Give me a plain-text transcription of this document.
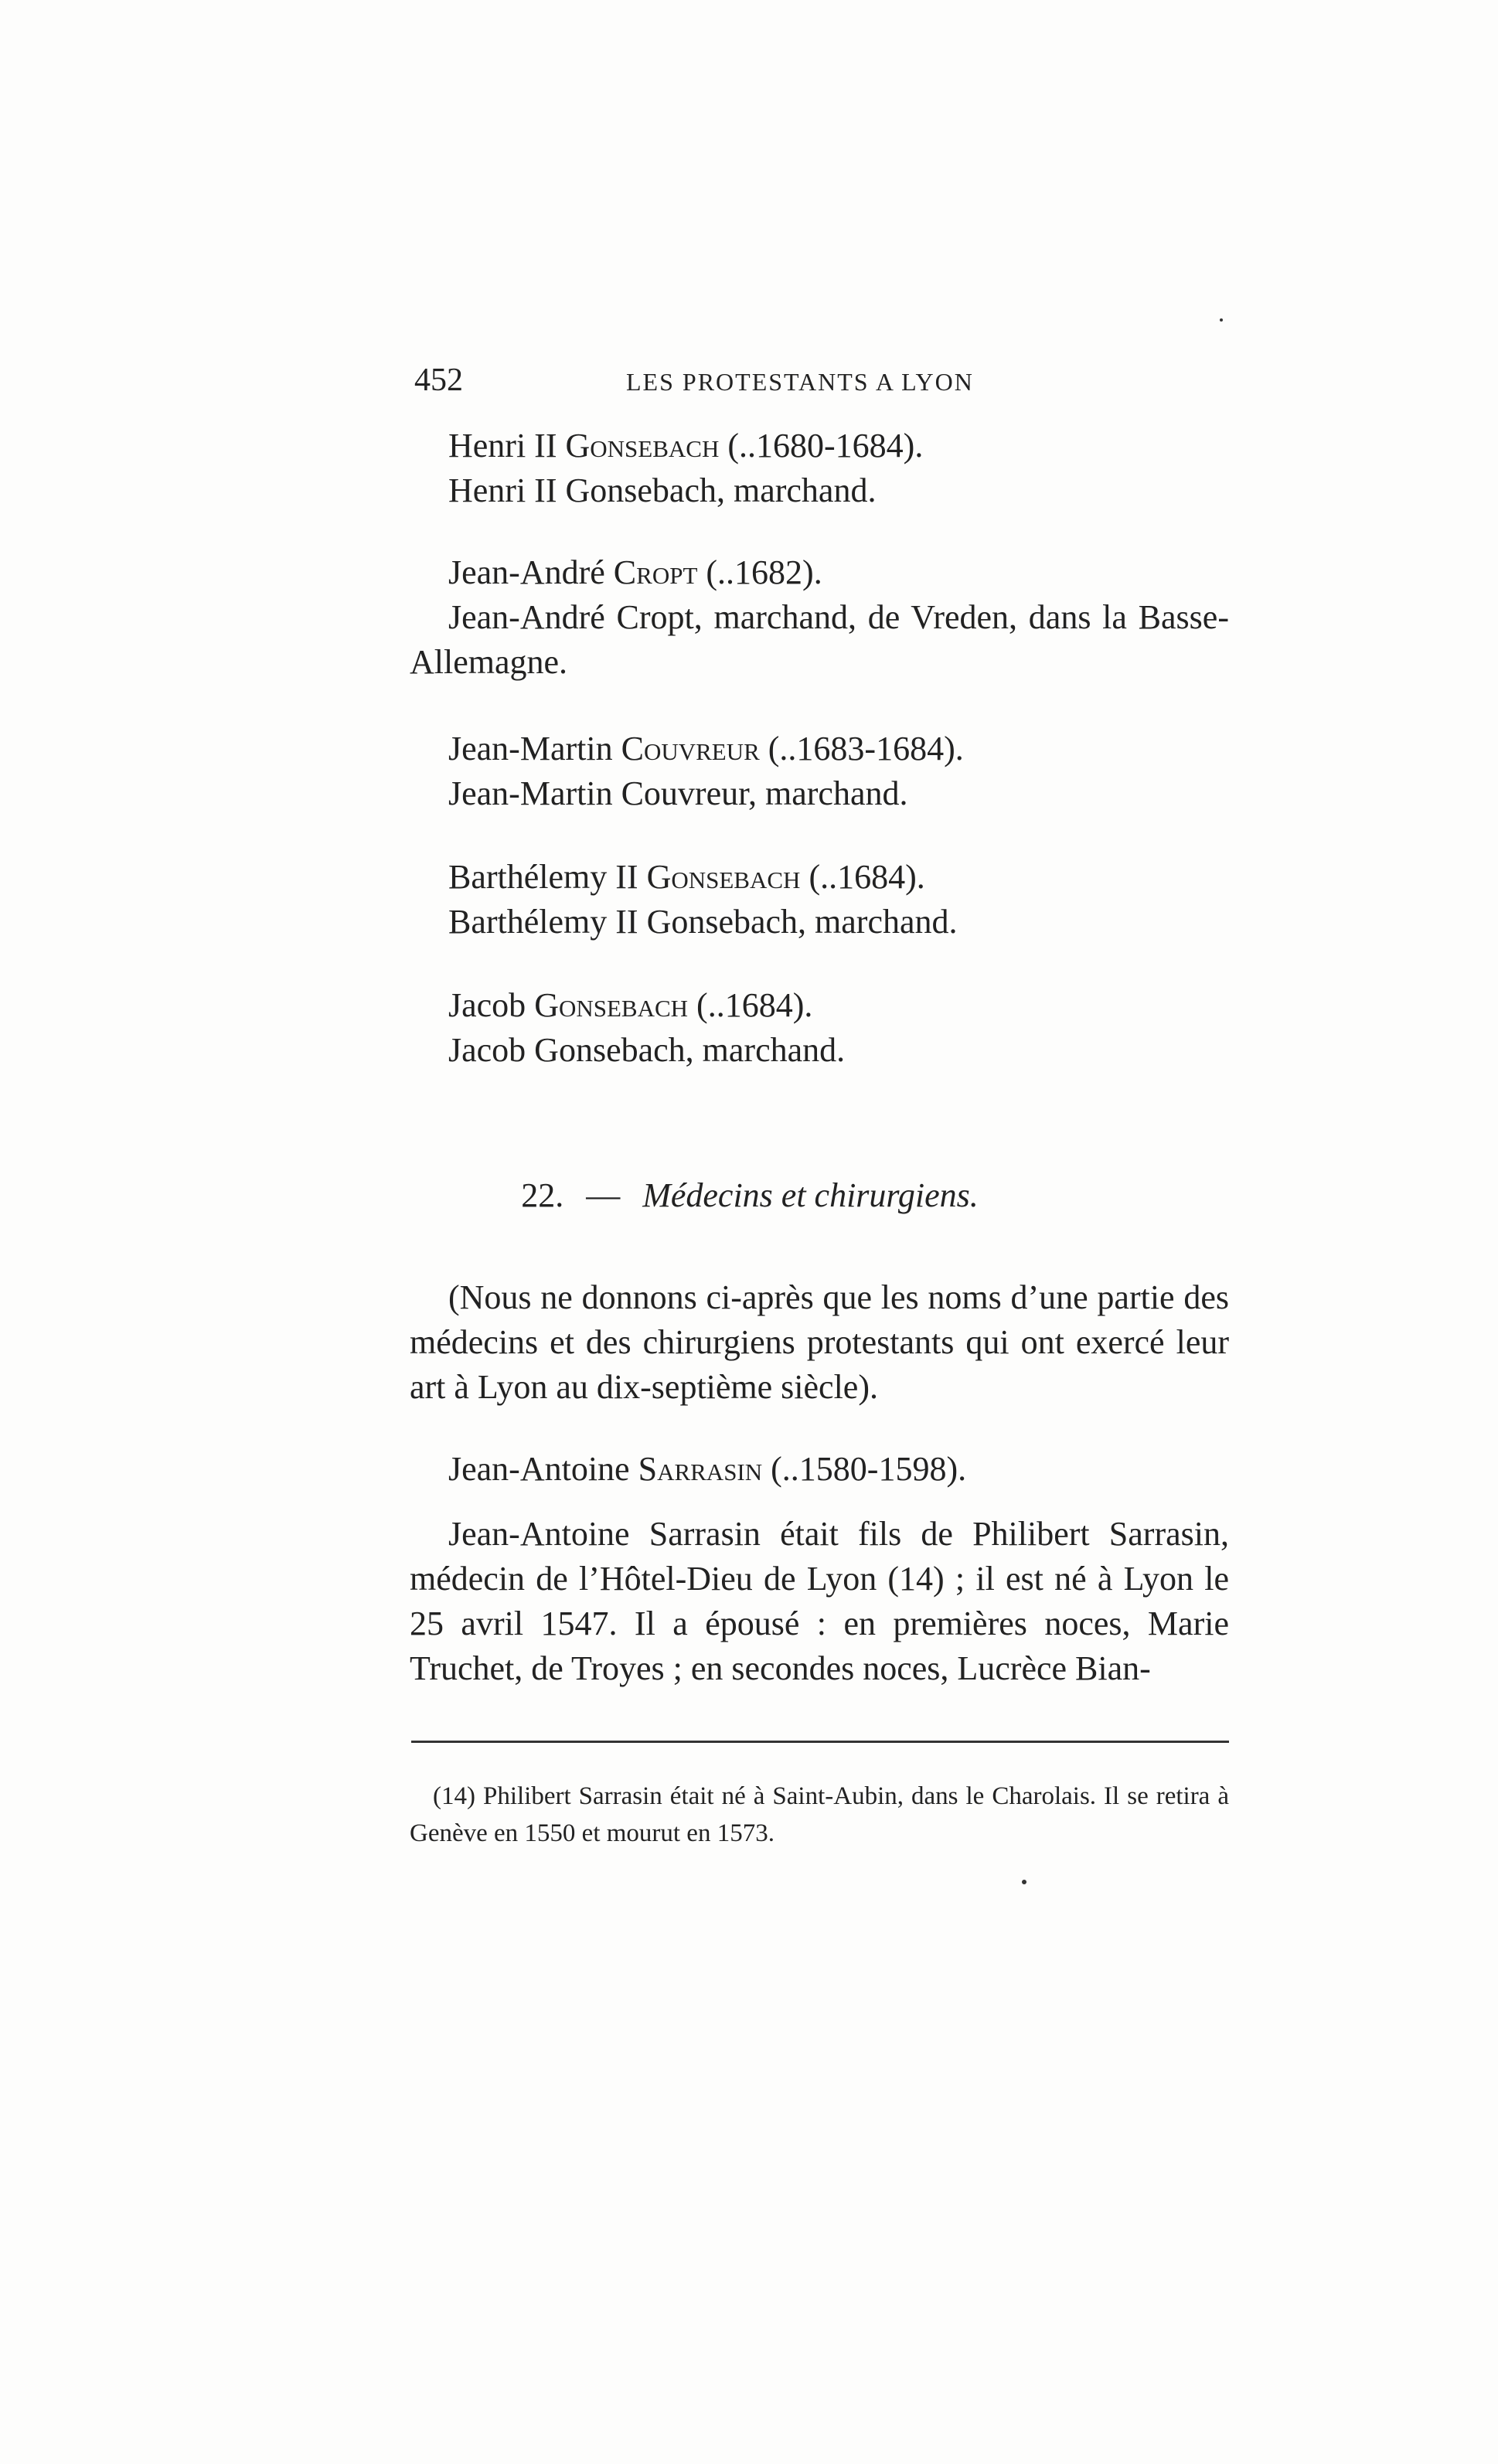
452	LES PROTESTANTS A LYON
Henri II Gonsebach (..1680-1684).
Henri II Gonsebach, marchand.
Jean-André Cropt (..1682).
Jean-André Cropt, marchand, de Vreden, dans la Basse-Allemagne.
Jean-Martin Couvreur (..1683-1684).
Jean-Martin Couvreur, marchand.
Barthélemy II Gonsebach (..1684).
Barthélemy II Gonsebach, marchand.
Jacob Gonsebach (..1684).
Jacob Gonsebach, marchand.
22. — Médecins et chirurgiens.
(Nous ne donnons ci-après que les noms d’une partie des médecins et des chirurgiens protestants qui ont exercé leur art à Lyon au dix-septième siècle).
Jean-Antoine Sarrasin (..1580-1598).
Jean-Antoine Sarrasin était fils de Philibert Sarrasin, médecin de l’Hôtel-Dieu de Lyon (14) ; il est né à Lyon le 25 avril 1547. Il a épousé : en premières noces, Marie Truchet, de Troyes ; en secondes noces, Lucrèce Bian-
(14) Philibert Sarrasin était né à Saint-Aubin, dans le Charolais. Il se retira à Genève en 1550 et mourut en 1573.
